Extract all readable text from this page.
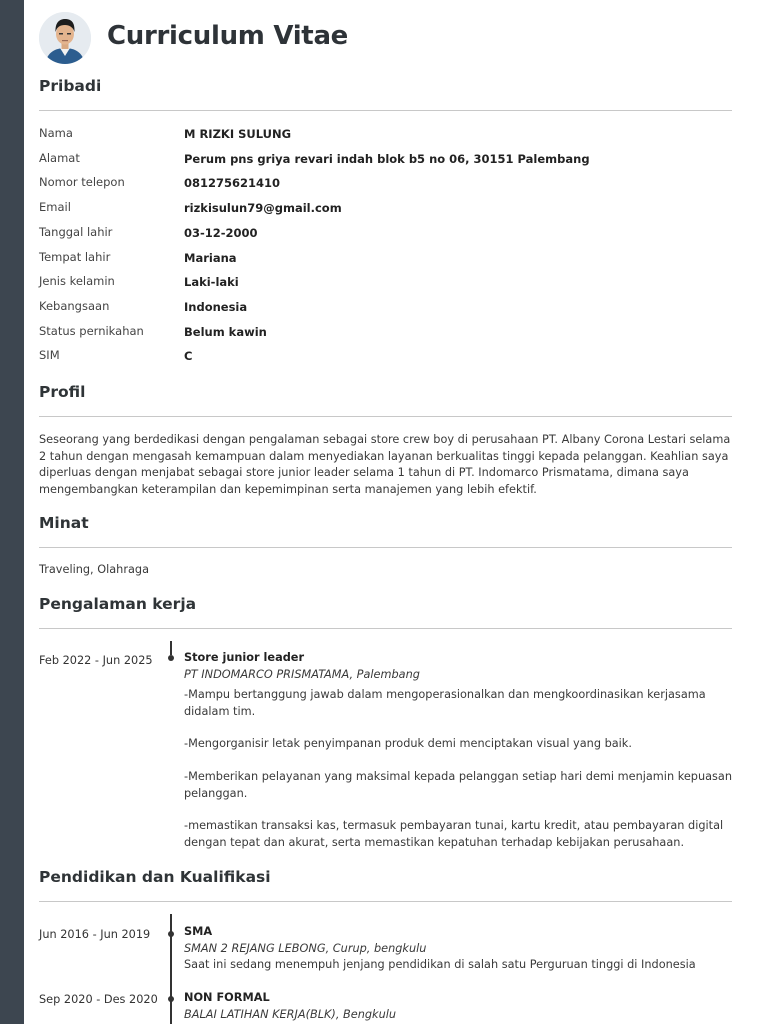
Curriculum Vitae
Pribadi
Nama	M RIZKI SULUNG
Alamat	Perum pns griya revari indah blok b5 no 06, 30151 Palembang
Nomor telepon	081275621410
Email	rizkisulun79@gmail.com
Tanggal lahir	03-12-2000
Tempat lahir	Mariana
Jenis kelamin	Laki-laki
Kebangsaan	Indonesia
Status pernikahan	Belum kawin
SIM	C
Profil
Seseorang yang berdedikasi dengan pengalaman sebagai store crew boy di perusahaan PT. Albany Corona Lestari selama 2 tahun dengan mengasah kemampuan dalam menyediakan layanan berkualitas tinggi kepada pelanggan. Keahlian saya diperluas dengan menjabat sebagai store junior leader selama 1 tahun di PT. Indomarco Prismatama, dimana saya mengembangkan keterampilan dan kepemimpinan serta manajemen yang lebih efektif.
Minat
Traveling, Olahraga
Pengalaman kerja
Feb 2022 - Jun 2025	Store junior leader
PT INDOMARCO PRISMATAMA, Palembang
-Mampu bertanggung jawab dalam mengoperasionalkan dan mengkoordinasikan kerjasama didalam tim.
-Mengorganisir letak penyimpanan produk demi menciptakan visual yang baik.
-Memberikan pelayanan yang maksimal kepada pelanggan setiap hari demi menjamin kepuasan pelanggan.
-memastikan transaksi kas, termasuk pembayaran tunai, kartu kredit, atau pembayaran digital dengan tepat dan akurat, serta memastikan kepatuhan terhadap kebijakan perusahaan.
Pendidikan dan Kualifikasi
Jun 2016 - Jun 2019	SMA
SMAN 2 REJANG LEBONG, Curup, bengkulu
Saat ini sedang menempuh jenjang pendidikan di salah satu Perguruan tinggi di Indonesia
Sep 2020 - Des 2020 NON FORMAL
BALAI LATIHAN KERJA(BLK), Bengkulu
